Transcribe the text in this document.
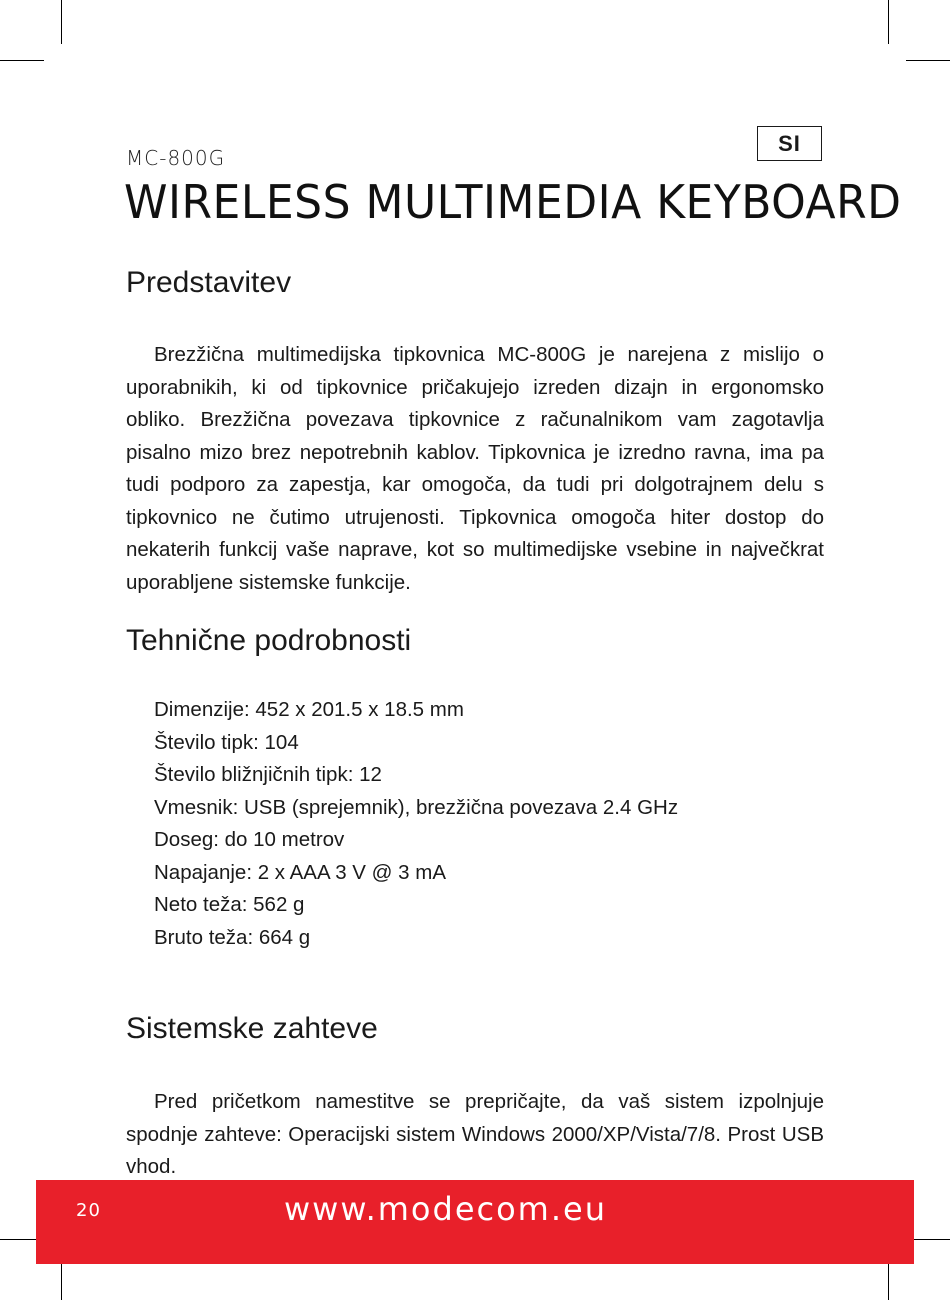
MC-800G
SI
WIRELESS MULTIMEDIA KEYBOARD
Predstavitev

Brezžična multimedijska tipkovnica MC-800G je narejena z mislijo o uporabnikih, ki od tipkovnice pričakujejo izreden dizajn in ergonomsko obliko. Brezžična povezava tipkovnice z računalnikom vam zagotavlja pisalno mizo brez nepotrebnih kablov. Tipkovnica je izredno ravna, ima pa tudi podporo za zapestja, kar omogoča, da tudi pri dolgotrajnem delu s tipkovnico ne čutimo utrujenosti. Tipkovnica omogoča hiter dostop do nekaterih funkcij vaše naprave, kot so multimedijske vsebine in največkrat uporabljene sistemske funkcije.

Tehnične podrobnosti
Dimenzije: 452 x 201.5 x 18.5 mm
Število tipk: 104
Število bližnjičnih tipk: 12
Vmesnik: USB (sprejemnik), brezžična povezava 2.4 GHz
Doseg: do 10 metrov
Napajanje: 2 x AAA 3 V @ 3 mA
Neto teža: 562 g
Bruto teža: 664 g
Sistemske zahteve

Pred pričetkom namestitve se prepričajte, da vaš sistem izpolnjuje spodnje zahteve: Operacijski sistem Windows 2000/XP/Vista/7/8. Prost USB vhod.

20	www.modecom.eu
